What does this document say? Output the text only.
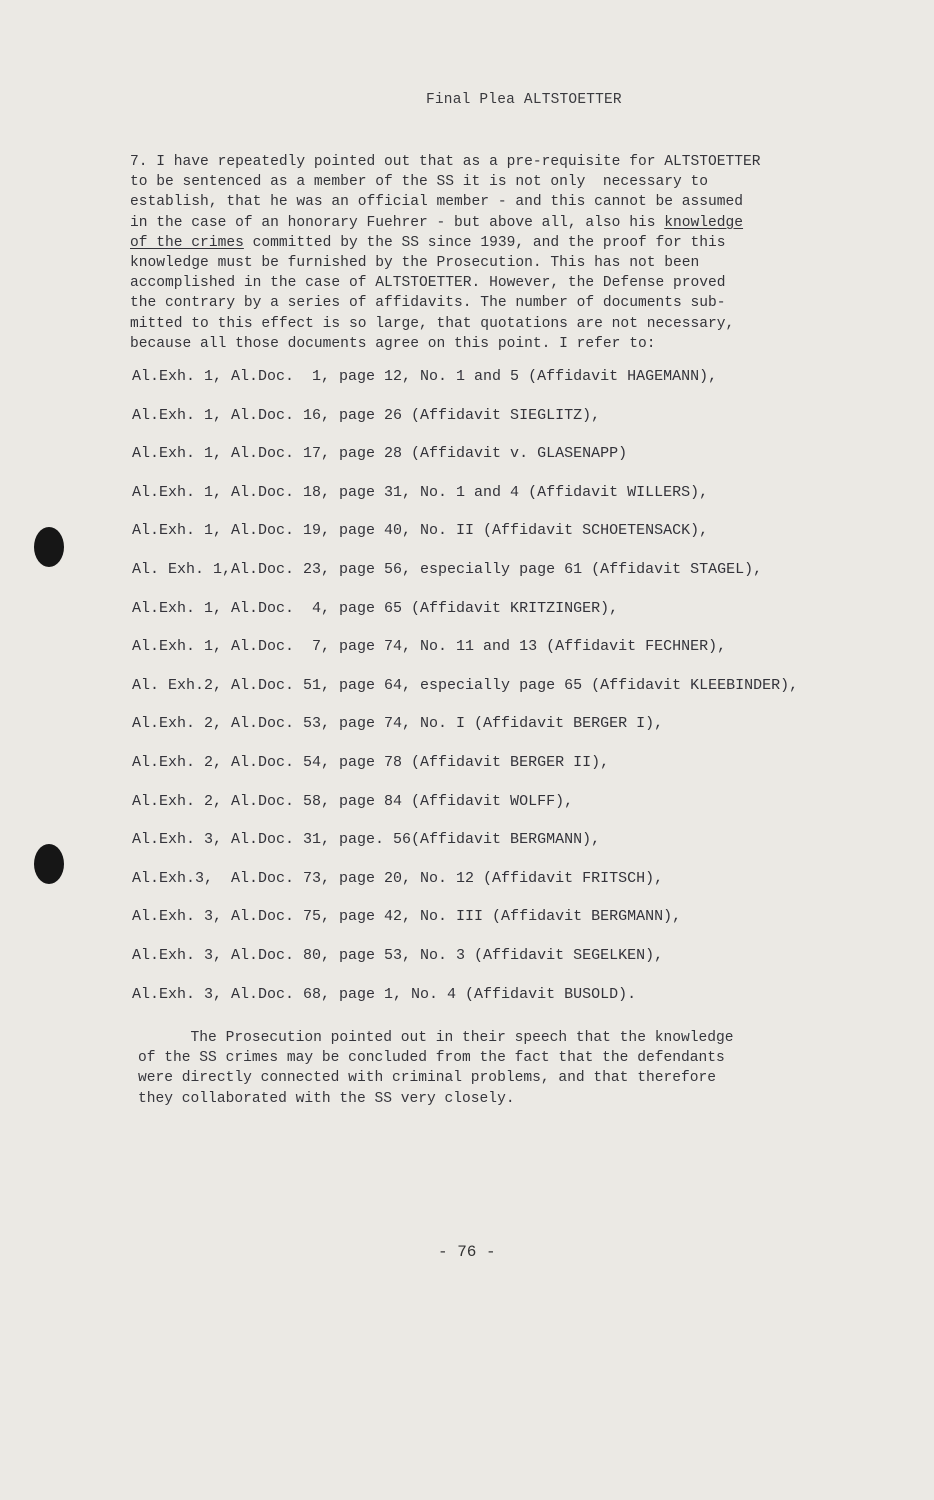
Final Plea ALTSTOETTER
7. I have repeatedly pointed out that as a pre-requisite for ALTSTOETTER
to be sentenced as a member of the SS it is not only  necessary to
establish, that he was an official member - and this cannot be assumed
in the case of an honorary Fuehrer - but above all, also his knowledge
of the crimes committed by the SS since 1939, and the proof for this
knowledge must be furnished by the Prosecution. This has not been
accomplished in the case of ALTSTOETTER. However, the Defense proved
the contrary by a series of affidavits. The number of documents sub-
mitted to this effect is so large, that quotations are not necessary,
because all those documents agree on this point. I refer to:
Al.Exh. 1, Al.Doc.  1, page 12, No. 1 and 5 (Affidavit HAGEMANN),
Al.Exh. 1, Al.Doc. 16, page 26 (Affidavit SIEGLITZ),
Al.Exh. 1, Al.Doc. 17, page 28 (Affidavit v. GLASENAPP)
Al.Exh. 1, Al.Doc. 18, page 31, No. 1 and 4 (Affidavit WILLERS),
Al.Exh. 1, Al.Doc. 19, page 40, No. II (Affidavit SCHOETENSACK),
Al. Exh. 1,Al.Doc. 23, page 56, especially page 61 (Affidavit STAGEL),
Al.Exh. 1, Al.Doc.  4, page 65 (Affidavit KRITZINGER),
Al.Exh. 1, Al.Doc.  7, page 74, No. 11 and 13 (Affidavit FECHNER),
Al. Exh.2, Al.Doc. 51, page 64, especially page 65 (Affidavit KLEEBINDER),
Al.Exh. 2, Al.Doc. 53, page 74, No. I (Affidavit BERGER I),
Al.Exh. 2, Al.Doc. 54, page 78 (Affidavit BERGER II),
Al.Exh. 2, Al.Doc. 58, page 84 (Affidavit WOLFF),
Al.Exh. 3, Al.Doc. 31, page. 56(Affidavit BERGMANN),
Al.Exh.3,  Al.Doc. 73, page 20, No. 12 (Affidavit FRITSCH),
Al.Exh. 3, Al.Doc. 75, page 42, No. III (Affidavit BERGMANN),
Al.Exh. 3, Al.Doc. 80, page 53, No. 3 (Affidavit SEGELKEN),
Al.Exh. 3, Al.Doc. 68, page 1, No. 4 (Affidavit BUSOLD).
The Prosecution pointed out in their speech that the knowledge
of the SS crimes may be concluded from the fact that the defendants
were directly connected with criminal problems, and that therefore
they collaborated with the SS very closely.
- 76 -
